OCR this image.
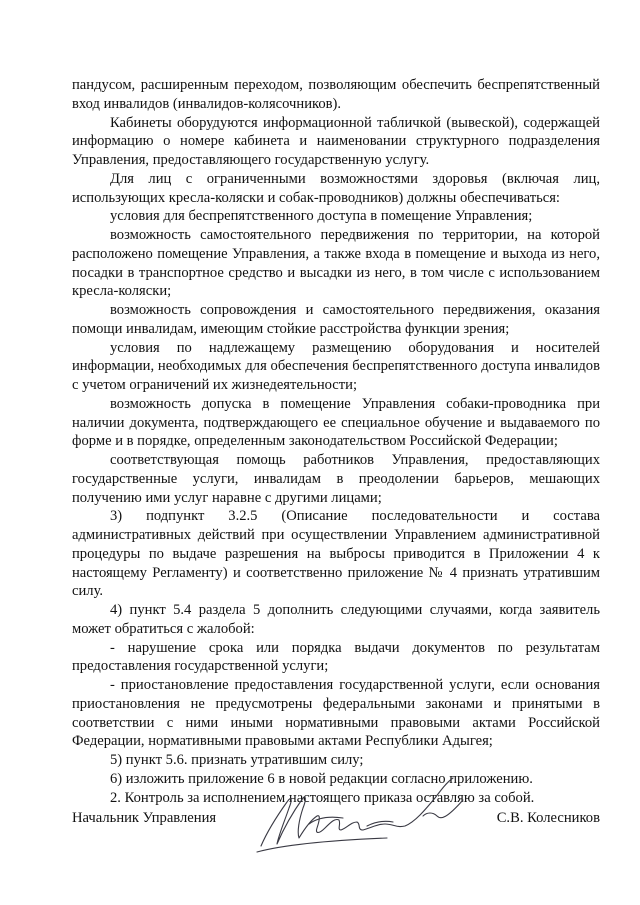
пандусом, расширенным переходом, позволяющим обеспечить беспрепятственный вход инвалидов (инвалидов-колясочников).

Кабинеты оборудуются информационной табличкой (вывеской), содержащей информацию о номере кабинета и наименовании структурного подразделения Управления, предоставляющего государственную услугу.

Для лиц с ограниченными возможностями здоровья (включая лиц, использующих кресла-коляски и собак-проводников) должны обеспечиваться:

условия для беспрепятственного доступа в помещение Управления;

возможность самостоятельного передвижения по территории, на которой расположено помещение Управления, а также входа в помещение и выхода из него, посадки в транспортное средство и высадки из него, в том числе с использованием кресла-коляски;

возможность сопровождения и самостоятельного передвижения, оказания помощи инвалидам, имеющим стойкие расстройства функции зрения;

условия по надлежащему размещению оборудования и носителей информации, необходимых для обеспечения беспрепятственного доступа инвалидов с учетом ограничений их жизнедеятельности;

возможность допуска в помещение Управления собаки-проводника при наличии документа, подтверждающего ее специальное обучение и выдаваемого по форме и в порядке, определенным законодательством Российской Федерации;

соответствующая помощь работников Управления, предоставляющих государственные услуги, инвалидам в преодолении барьеров, мешающих получению ими услуг наравне с другими лицами;

3) подпункт 3.2.5 (Описание последовательности и состава административных действий при осуществлении Управлением административной процедуры по выдаче разрешения на выбросы приводится в Приложении 4 к настоящему Регламенту) и соответственно приложение № 4 признать утратившим силу.

4) пункт 5.4 раздела 5 дополнить следующими случаями, когда заявитель может обратиться с жалобой:

- нарушение срока или порядка выдачи документов по результатам предоставления государственной услуги;

- приостановление предоставления государственной услуги, если основания приостановления не предусмотрены федеральными законами и принятыми в соответствии с ними иными нормативными правовыми актами Российской Федерации, нормативными правовыми актами Республики Адыгея;

5) пункт 5.6. признать утратившим силу;

6) изложить приложение 6 в новой редакции согласно приложению.

2. Контроль за исполнением настоящего приказа оставляю за собой.

Начальник Управления	С.В. Колесников
